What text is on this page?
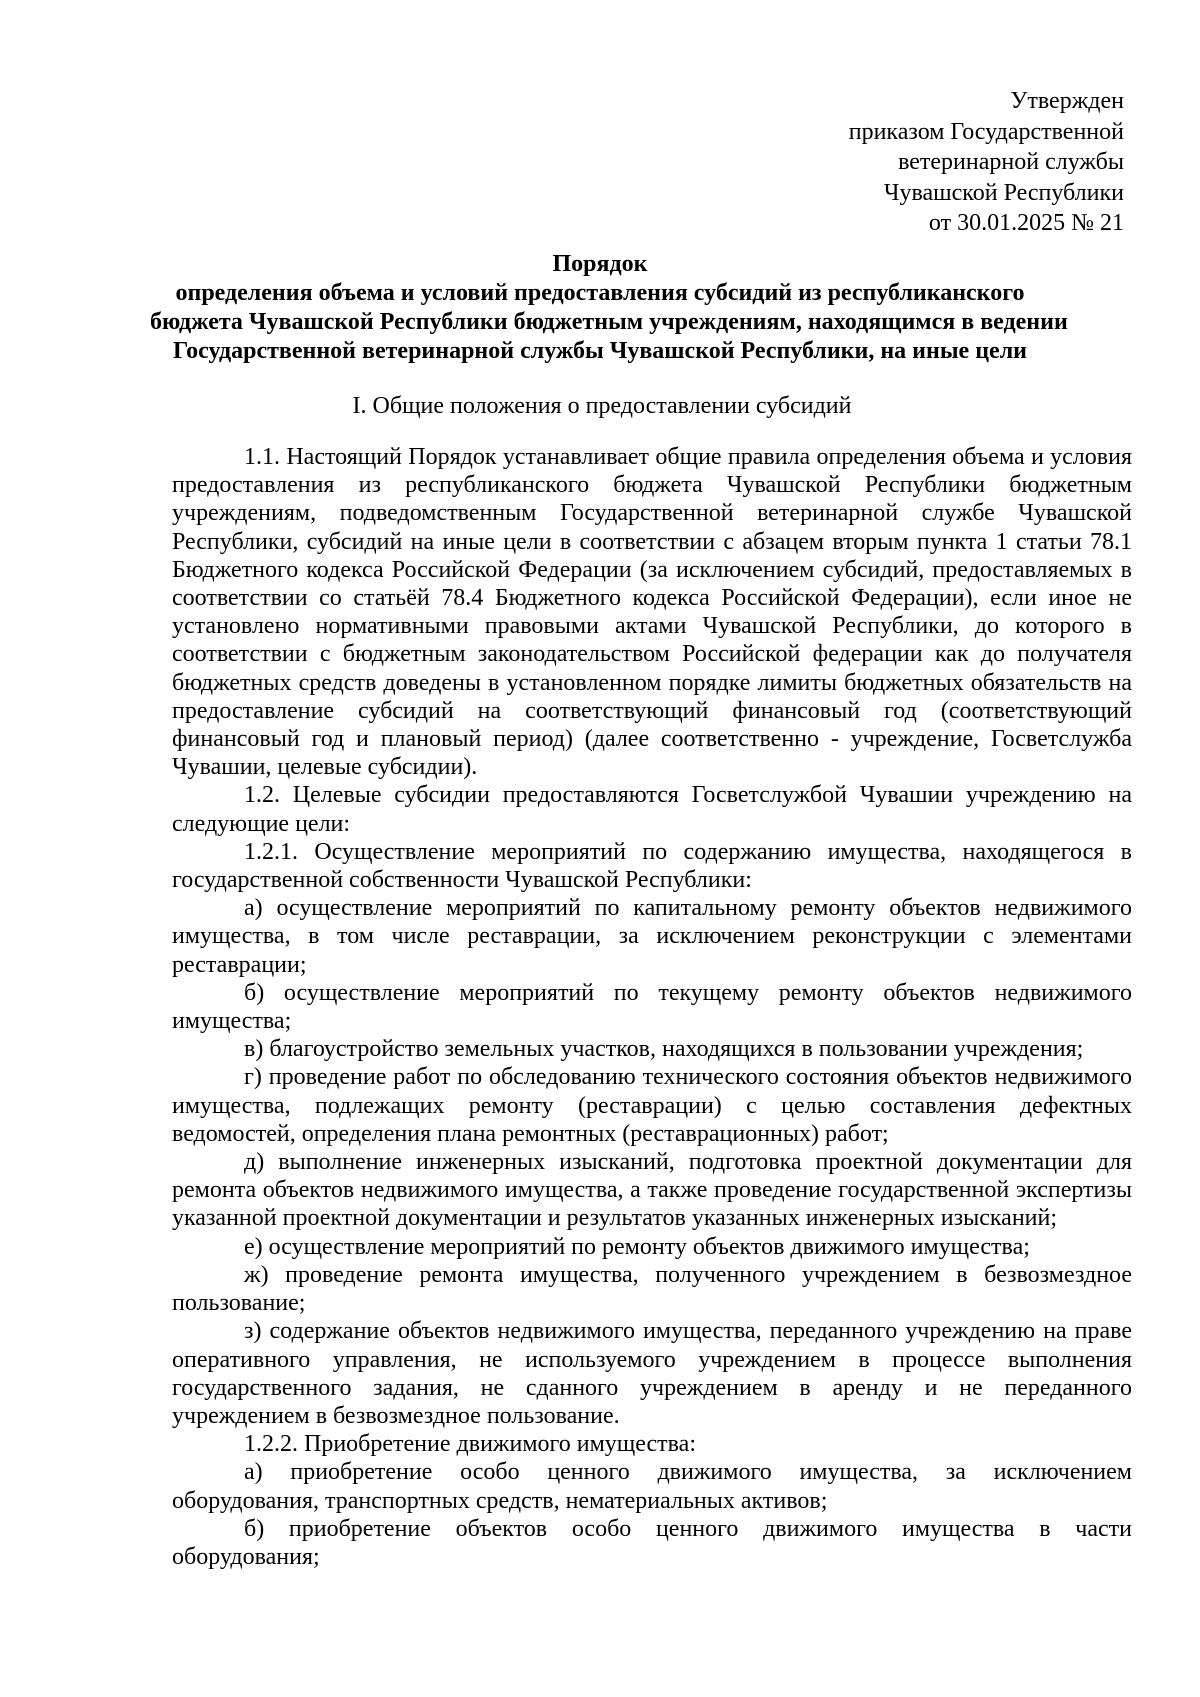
Утвержден
приказом Государственной
ветеринарной службы
Чувашской Республики
от 30.01.2025 № 21
Порядок
определения объема и условий предоставления субсидий из республиканского
бюджета Чувашской Республики бюджетным учреждениям, находящимся в ведении
Государственной ветеринарной службы Чувашской Республики, на иные цели
I. Общие положения о предоставлении субсидий

1.1. Настоящий Порядок устанавливает общие правила определения объема и условия предоставления из республиканского бюджета Чувашской Республики бюджетным учреждениям, подведомственным Государственной ветеринарной службе Чувашской Республики, субсидий на иные цели в соответствии с абзацем вторым пункта 1 статьи 78.1 Бюджетного кодекса Российской Федерации (за исключением субсидий, предоставляемых в соответствии со статьёй 78.4 Бюджетного кодекса Российской Федерации), если иное не установлено нормативными правовыми актами Чувашской Республики, до которого в соответствии с бюджетным законодательством Российской федерации как до получателя бюджетных средств доведены в установленном порядке лимиты бюджетных обязательств на предоставление субсидий на соответствующий финансовый год (соответствующий финансовый год и плановый период) (далее соответственно - учреждение, Госветслужба Чувашии, целевые субсидии).

1.2. Целевые субсидии предоставляются Госветслужбой Чувашии учреждению на следующие цели:

1.2.1. Осуществление мероприятий по содержанию имущества, находящегося в государственной собственности Чувашской Республики:

а) осуществление мероприятий по капитальному ремонту объектов недвижимого имущества, в том числе реставрации, за исключением реконструкции с элементами реставрации;

б) осуществление мероприятий по текущему ремонту объектов недвижимого имущества;

в) благоустройство земельных участков, находящихся в пользовании учреждения;

г) проведение работ по обследованию технического состояния объектов недвижимого имущества, подлежащих ремонту (реставрации) с целью составления дефектных ведомостей, определения плана ремонтных (реставрационных) работ;

д) выполнение инженерных изысканий, подготовка проектной документации для ремонта объектов недвижимого имущества, а также проведение государственной экспертизы указанной проектной документации и результатов указанных инженерных изысканий;

е) осуществление мероприятий по ремонту объектов движимого имущества;

ж) проведение ремонта имущества, полученного учреждением в безвозмездное пользование;

з) содержание объектов недвижимого имущества, переданного учреждению на праве оперативного управления, не используемого учреждением в процессе выполнения государственного задания, не сданного учреждением в аренду и не переданного учреждением в безвозмездное пользование.

1.2.2. Приобретение движимого имущества:

а) приобретение особо ценного движимого имущества, за исключением оборудования, транспортных средств, нематериальных активов;

б) приобретение объектов особо ценного движимого имущества в части оборудования;
